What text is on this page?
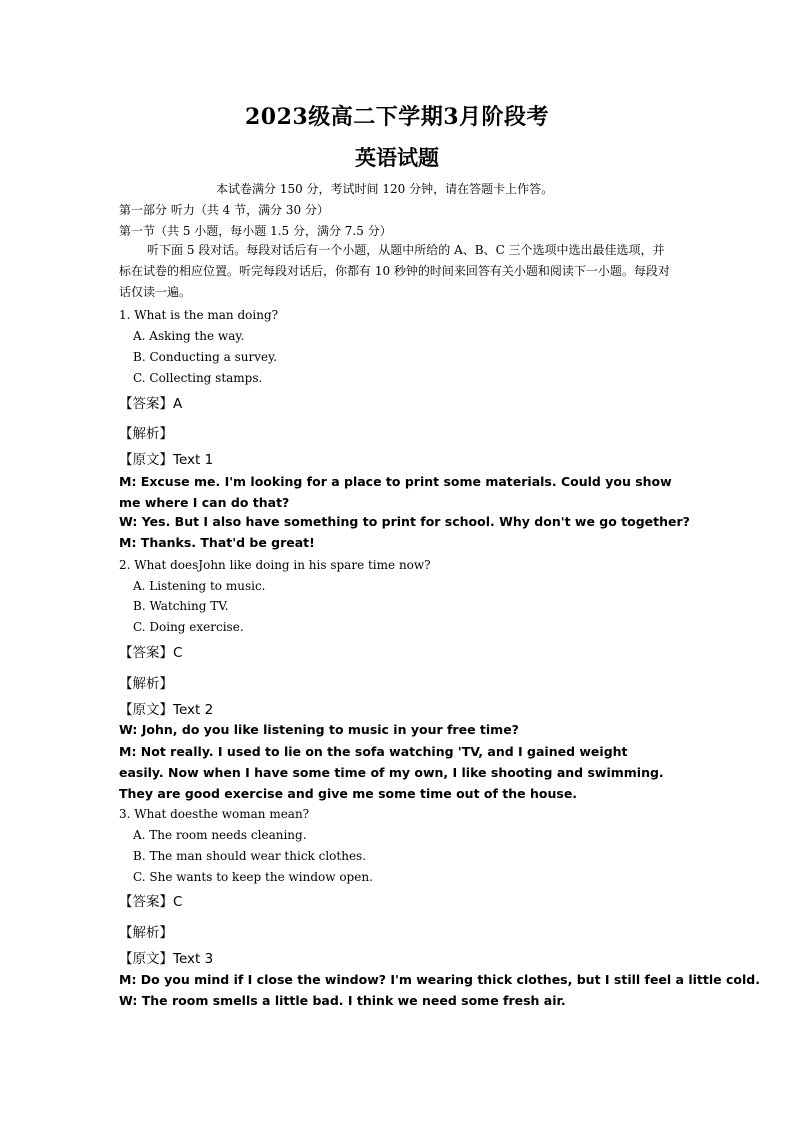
2023级高二下学期3月阶段考
英语试题
本试卷满分 150 分，考试时间 120 分钟，请在答题卡上作答。
第一部分 听力（共 4 节，满分 30 分）
第一节（共 5 小题，每小题 1.5 分，满分 7.5 分）
听下面 5 段对话。每段对话后有一个小题，从题中所给的 A、B、C 三个选项中选出最佳选项，并标在试卷的相应位置。听完每段对话后，你都有 10 秒钟的时间来回答有关小题和阅读下一小题。每段对话仅读一遍。
1. What is the man doing?
A. Asking the way.
B. Conducting a survey.
C. Collecting stamps.
【答案】A
【解析】
【原文】Text 1
M: Excuse me. I'm looking for a place to print some materials. Could you show me where I can do that?
W: Yes. But I also have something to print for school. Why don't we go together?
M: Thanks. That'd be great!
2. What doesJohn like doing in his spare time now?
A. Listening to music.
B. Watching TV.
C. Doing exercise.
【答案】C
【解析】
【原文】Text 2
W: John, do you like listening to music in your free time?
M: Not really. I used to lie on the sofa watching 'TV, and I gained weight easily. Now when I have some time of my own, I like shooting and swimming. They are good exercise and give me some time out of the house.
3. What doesthe woman mean?
A. The room needs cleaning.
B. The man should wear thick clothes.
C. She wants to keep the window open.
【答案】C
【解析】
【原文】Text 3
M: Do you mind if I close the window? I'm wearing thick clothes, but I still feel a little cold.
W: The room smells a little bad. I think we need some fresh air.
